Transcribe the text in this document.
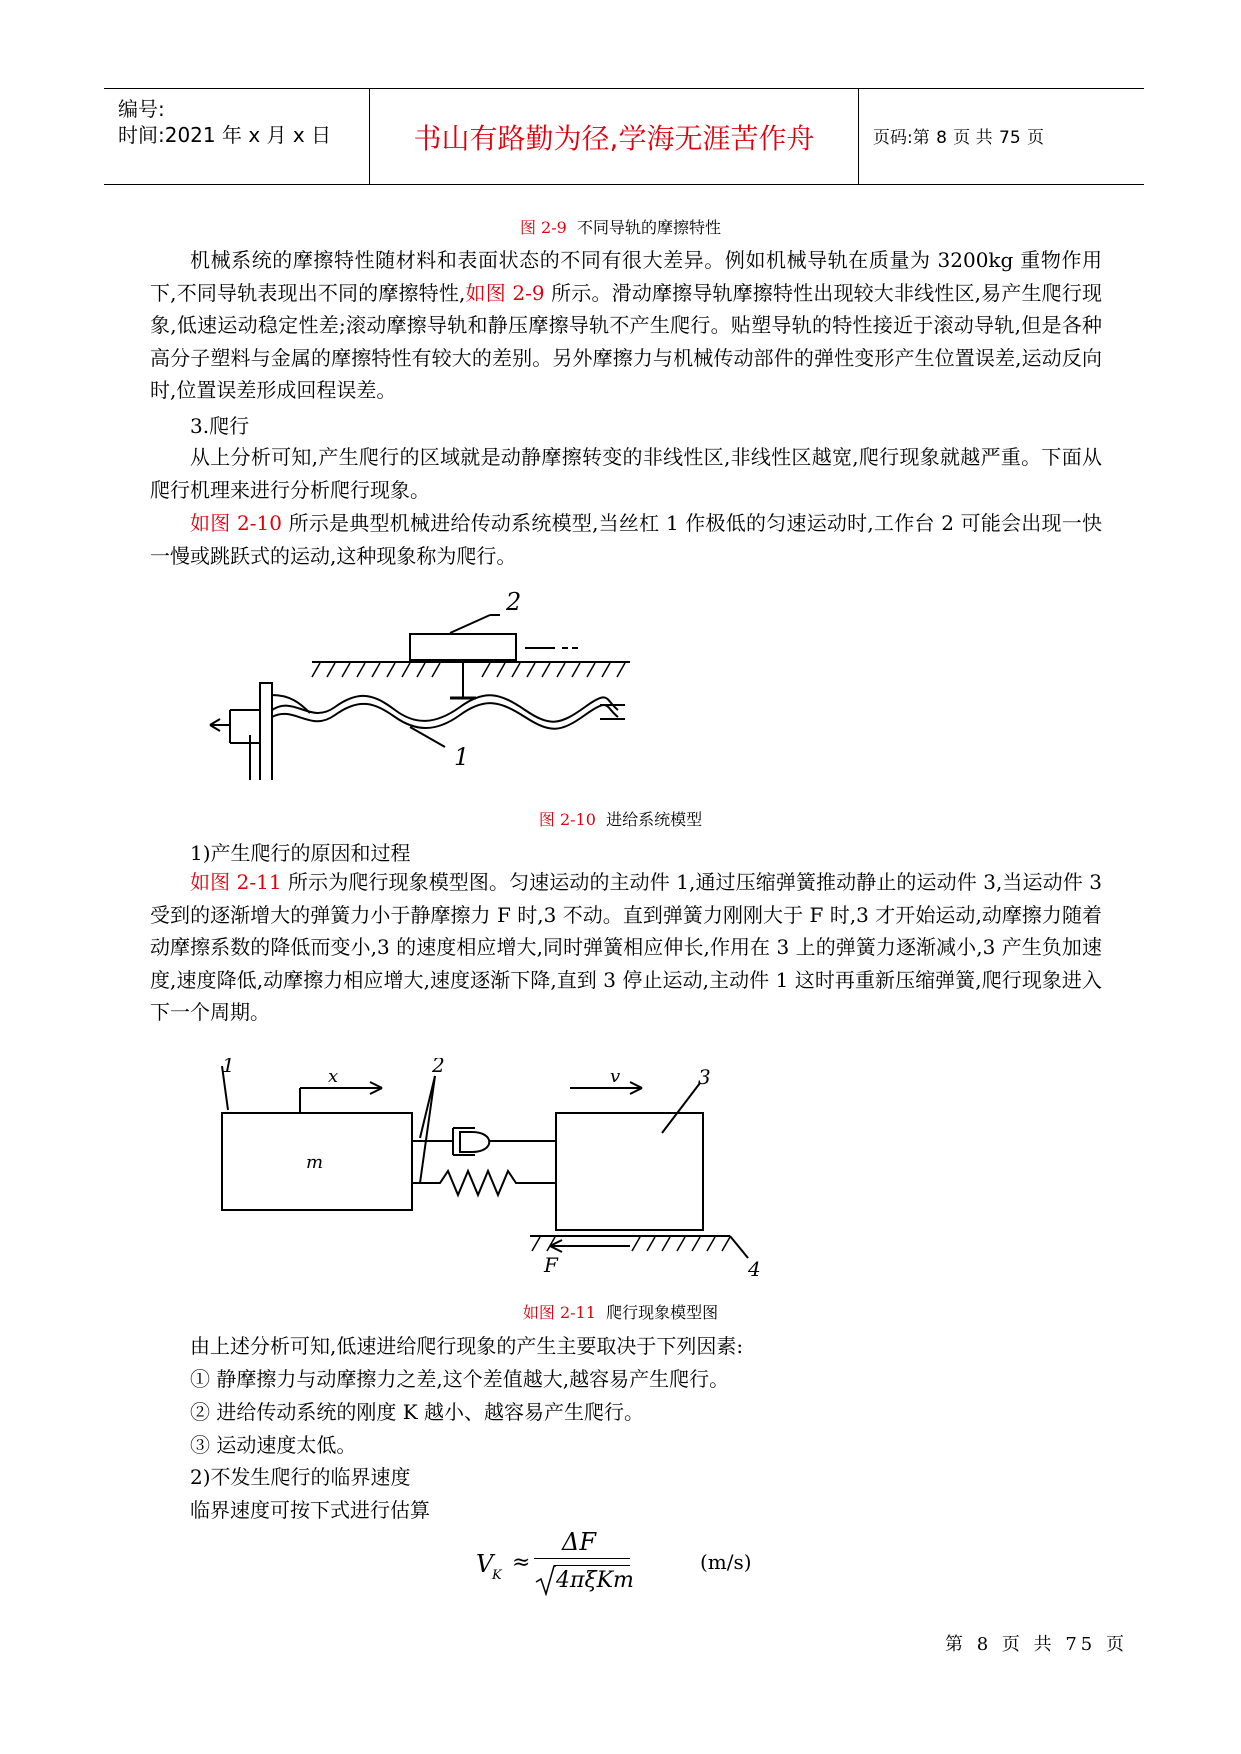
编号:
时间:2021 年 x 月 x 日	书山有路勤为径,学海无涯苦作舟	页码:第 8 页 共 75 页
图 2-9 不同导轨的摩擦特性

机械系统的摩擦特性随材料和表面状态的不同有很大差异。例如机械导轨在质量为 3200kg 重物作用下,不同导轨表现出不同的摩擦特性,如图 2-9 所示。滑动摩擦导轨摩擦特性出现较大非线性区,易产生爬行现象,低速运动稳定性差;滚动摩擦导轨和静压摩擦导轨不产生爬行。贴塑导轨的特性接近于滚动导轨,但是各种高分子塑料与金属的摩擦特性有较大的差别。另外摩擦力与机械传动部件的弹性变形产生位置误差,运动反向时,位置误差形成回程误差。

3.爬行

从上分析可知,产生爬行的区域就是动静摩擦转变的非线性区,非线性区越宽,爬行现象就越严重。下面从爬行机理来进行分析爬行现象。

如图 2-10 所示是典型机械进给传动系统模型,当丝杠 1 作极低的匀速运动时,工作台 2 可能会出现一快一慢或跳跃式的运动,这种现象称为爬行。

2
1
图 2-10 进给系统模型
1)产生爬行的原因和过程

如图 2-11 所示为爬行现象模型图。匀速运动的主动件 1,通过压缩弹簧推动静止的运动件 3,当运动件 3 受到的逐渐增大的弹簧力小于静摩擦力 F 时,3 不动。直到弹簧力刚刚大于 F 时,3 才开始运动,动摩擦力随着动摩擦系数的降低而变小,3 的速度相应增大,同时弹簧相应伸长,作用在 3 上的弹簧力逐渐减小,3 产生负加速度,速度降低,动摩擦力相应增大,速度逐渐下降,直到 3 停止运动,主动件 1 这时再重新压缩弹簧,爬行现象进入下一个周期。

1	2
x	v
m
3
F	4
如图 2-11 爬行现象模型图
由上述分析可知,低速进给爬行现象的产生主要取决于下列因素:
① 静摩擦力与动摩擦力之差,这个差值越大,越容易产生爬行。
② 进给传动系统的刚度 K 越小、越容易产生爬行。
③ 运动速度太低。
2)不发生爬行的临界速度
临界速度可按下式进行估算
V
K
≈
ΔF
4πξKm
(m/s)
第 8 页 共 75 页
